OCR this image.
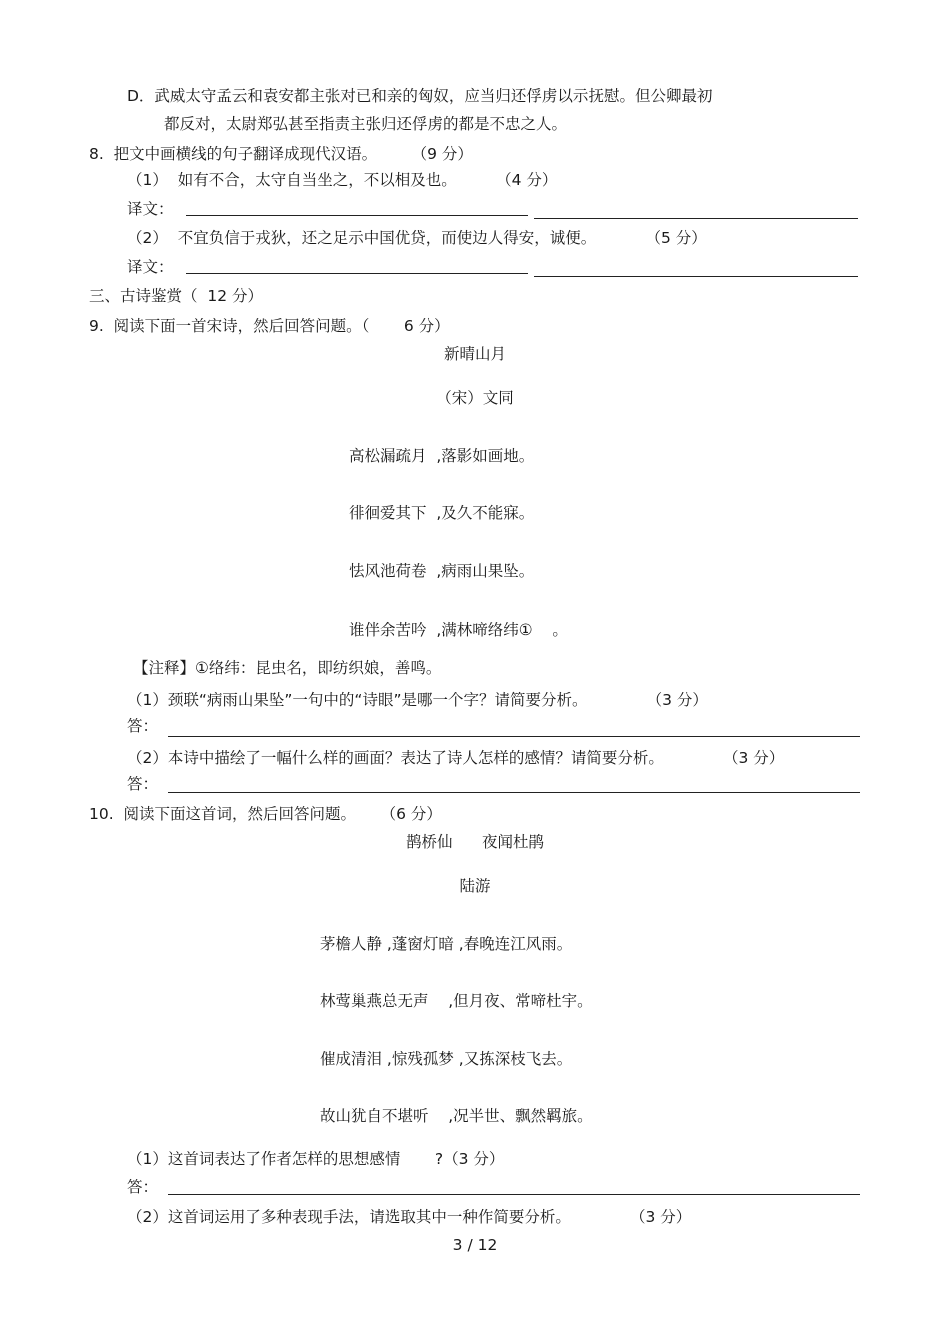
D．武威太守孟云和袁安都主张对已和亲的匈奴，应当归还俘虏以示抚慰。但公卿最初
都反对，太尉郑弘甚至指责主张归还俘虏的都是不忠之人。
8.  把文中画横线的句子翻译成现代汉语。       （9 分）
（1）  如有不合，太守自当坐之，不以相及也。        （4 分）
译文：
（2）  不宜负信于戎狄，还之足示中国优贷，而使边人得安，诚便。          （5 分）
译文：
三、古诗鉴赏（  12 分）
9.  阅读下面一首宋诗，然后回答问题。（       6 分）
新晴山月
（宋）文同
高松漏疏月  ,落影如画地。
徘徊爱其下  ,及久不能寐。
怯风池荷卷  ,病雨山果坠。
谁伴余苦吟  ,满林啼络纬①    。
【注释】①络纬：昆虫名，即纺织娘，善鸣。
（1）颈联“病雨山果坠”一句中的“诗眼”是哪一个字？请简要分析。            （3 分）
答：
（2）本诗中描绘了一幅什么样的画面？表达了诗人怎样的感情？请简要分析。            （3 分）
答：
10.  阅读下面这首词，然后回答问题。     （6 分）
鹊桥仙      夜闻杜鹃
陆游
茅檐人静 ,蓬窗灯暗 ,春晚连江风雨。
林莺巢燕总无声    ,但月夜、常啼杜宇。
催成清泪 ,惊残孤梦 ,又拣深枝飞去。
故山犹自不堪听    ,况半世、飘然羁旅。
（1）这首词表达了作者怎样的思想感情       ?（3 分）
答：
（2）这首词运用了多种表现手法，请选取其中一种作简要分析。            （3 分）
3 / 12
